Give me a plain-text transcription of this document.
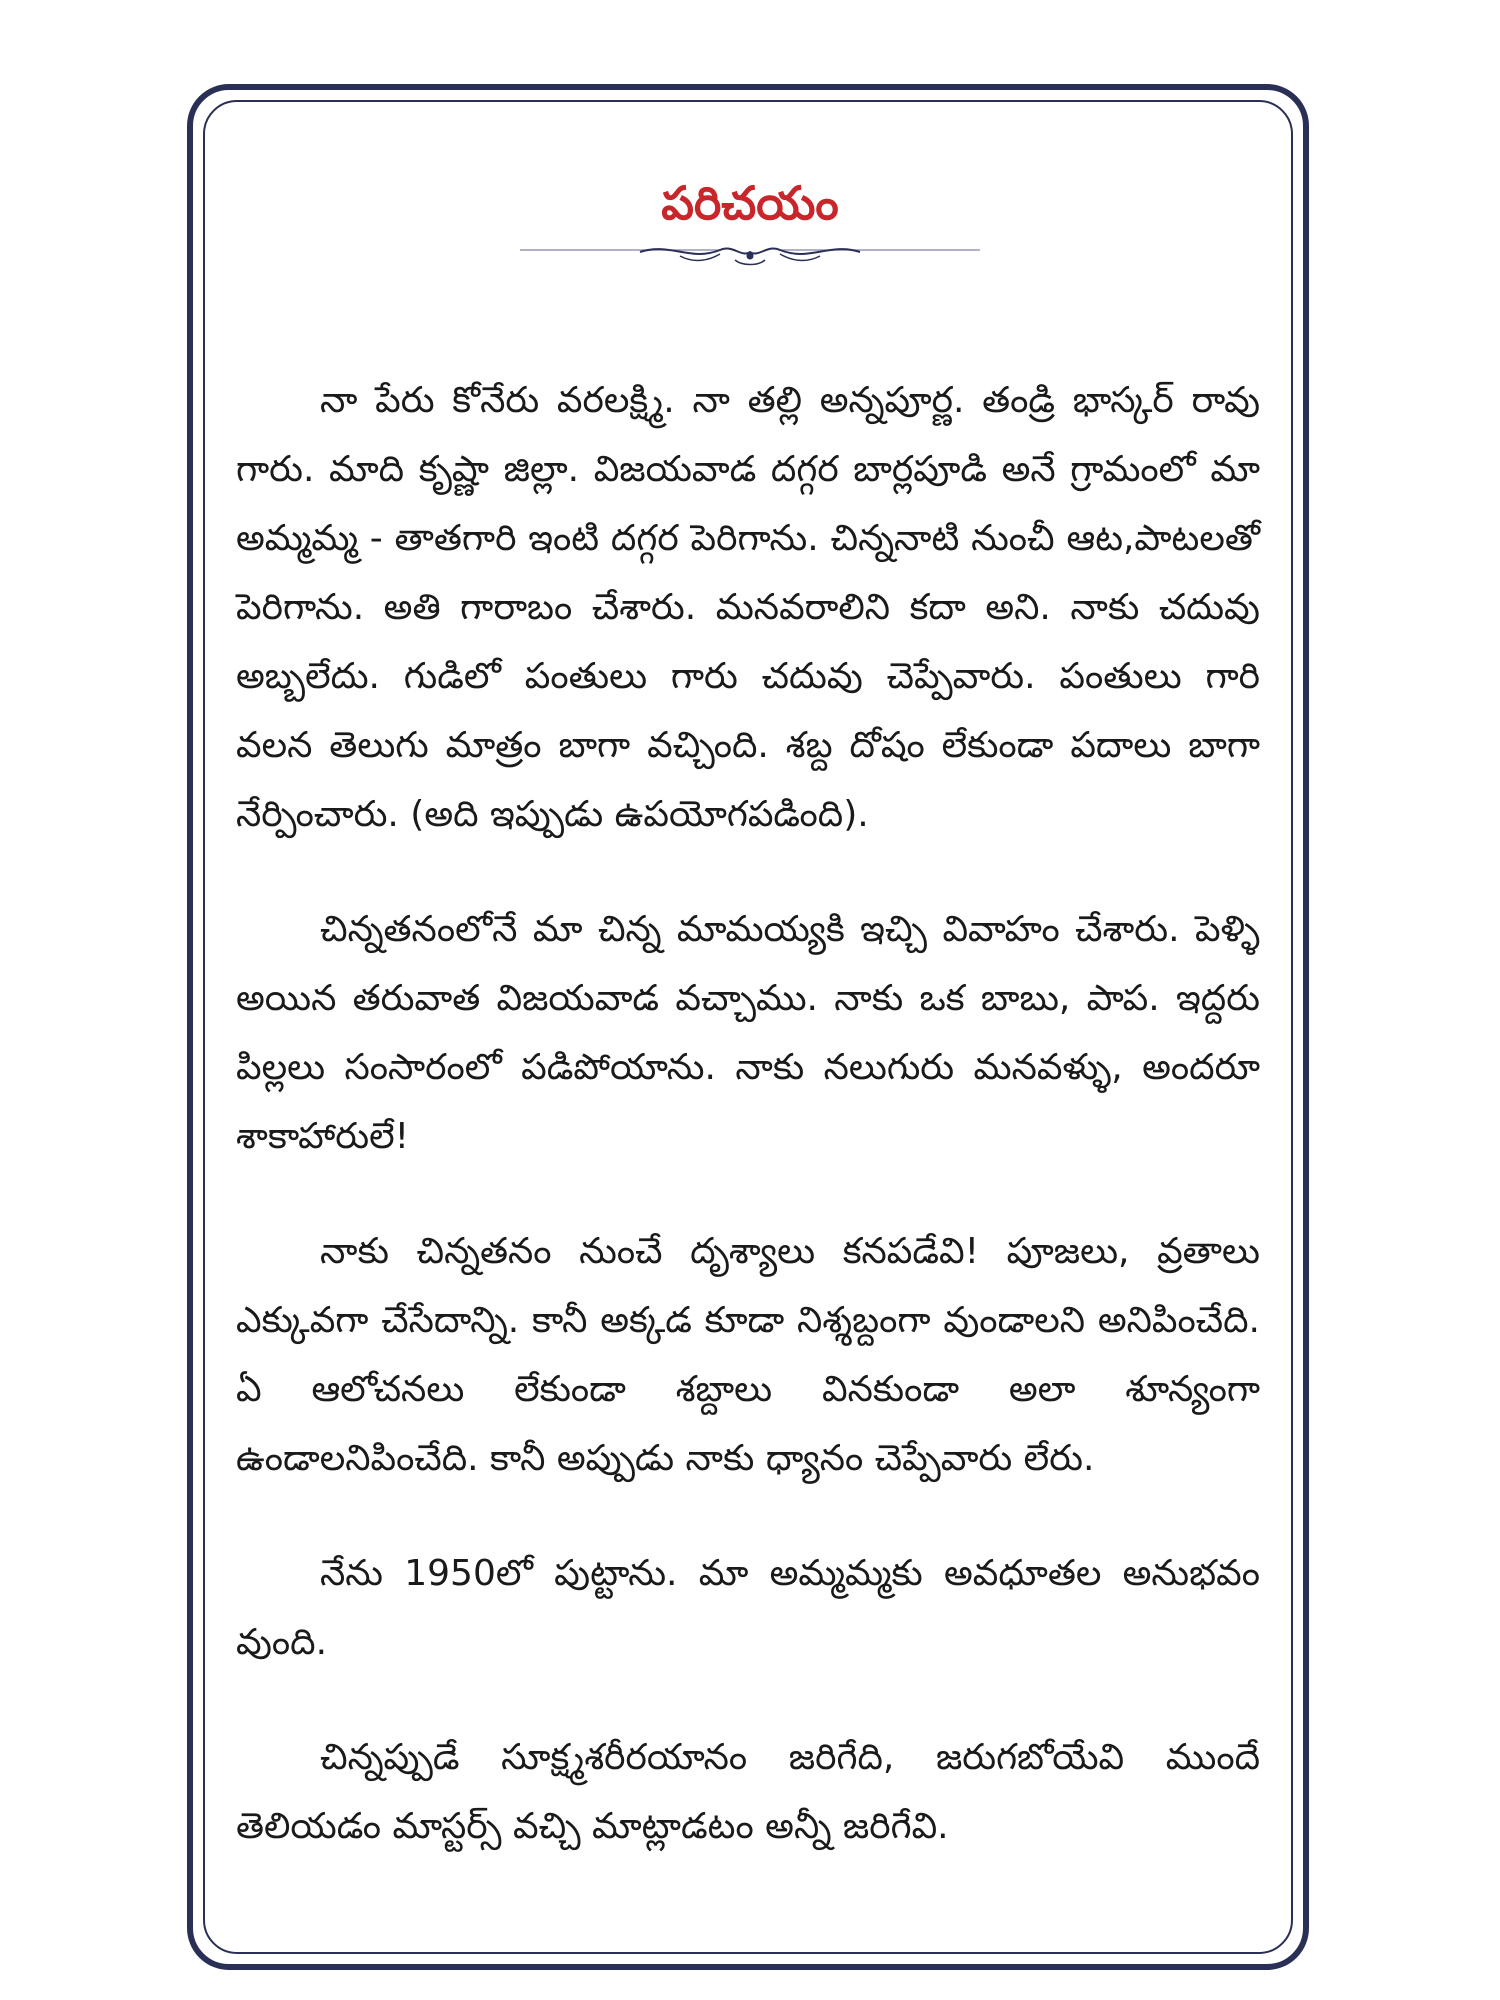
పరిచయం

నా పేరు కోనేరు వరలక్ష్మి. నా తల్లి అన్నపూర్ణ. తండ్రి భాస్కర్ రావు గారు. మాది కృష్ణా జిల్లా. విజయవాడ దగ్గర బార్లపూడి అనే గ్రామంలో మా అమ్మమ్మ - తాతగారి ఇంటి దగ్గర పెరిగాను. చిన్ననాటి నుంచీ ఆట,పాటలతో పెరిగాను. అతి గారాబం చేశారు. మనవరాలిని కదా అని. నాకు చదువు అబ్బలేదు. గుడిలో పంతులు గారు చదువు చెప్పేవారు. పంతులు గారి వలన తెలుగు మాత్రం బాగా వచ్చింది. శబ్ద దోషం లేకుండా పదాలు బాగా నేర్పించారు. (అది ఇప్పుడు ఉపయోగపడింది).

చిన్నతనంలోనే మా చిన్న మామయ్యకి ఇచ్చి వివాహం చేశారు. పెళ్ళి అయిన తరువాత విజయవాడ వచ్చాము. నాకు ఒక బాబు, పాప. ఇద్దరు పిల్లలు సంసారంలో పడిపోయాను. నాకు నలుగురు మనవళ్ళు, అందరూ శాకాహారులే!

నాకు చిన్నతనం నుంచే దృశ్యాలు కనపడేవి! పూజలు, వ్రతాలు ఎక్కువగా చేసేదాన్ని. కానీ అక్కడ కూడా నిశ్శబ్దంగా వుండాలని అనిపించేది. ఏ ఆలోచనలు లేకుండా శబ్దాలు వినకుండా అలా శూన్యంగా ఉండాలనిపించేది. కానీ అప్పుడు నాకు ధ్యానం చెప్పేవారు లేరు.

నేను 1950లో పుట్టాను. మా అమ్మమ్మకు అవధూతల అనుభవం వుంది.

చిన్నప్పుడే సూక్ష్మశరీరయానం జరిగేది, జరుగబోయేవి ముందే తెలియడం మాస్టర్స్ వచ్చి మాట్లాడటం అన్నీ జరిగేవి.
